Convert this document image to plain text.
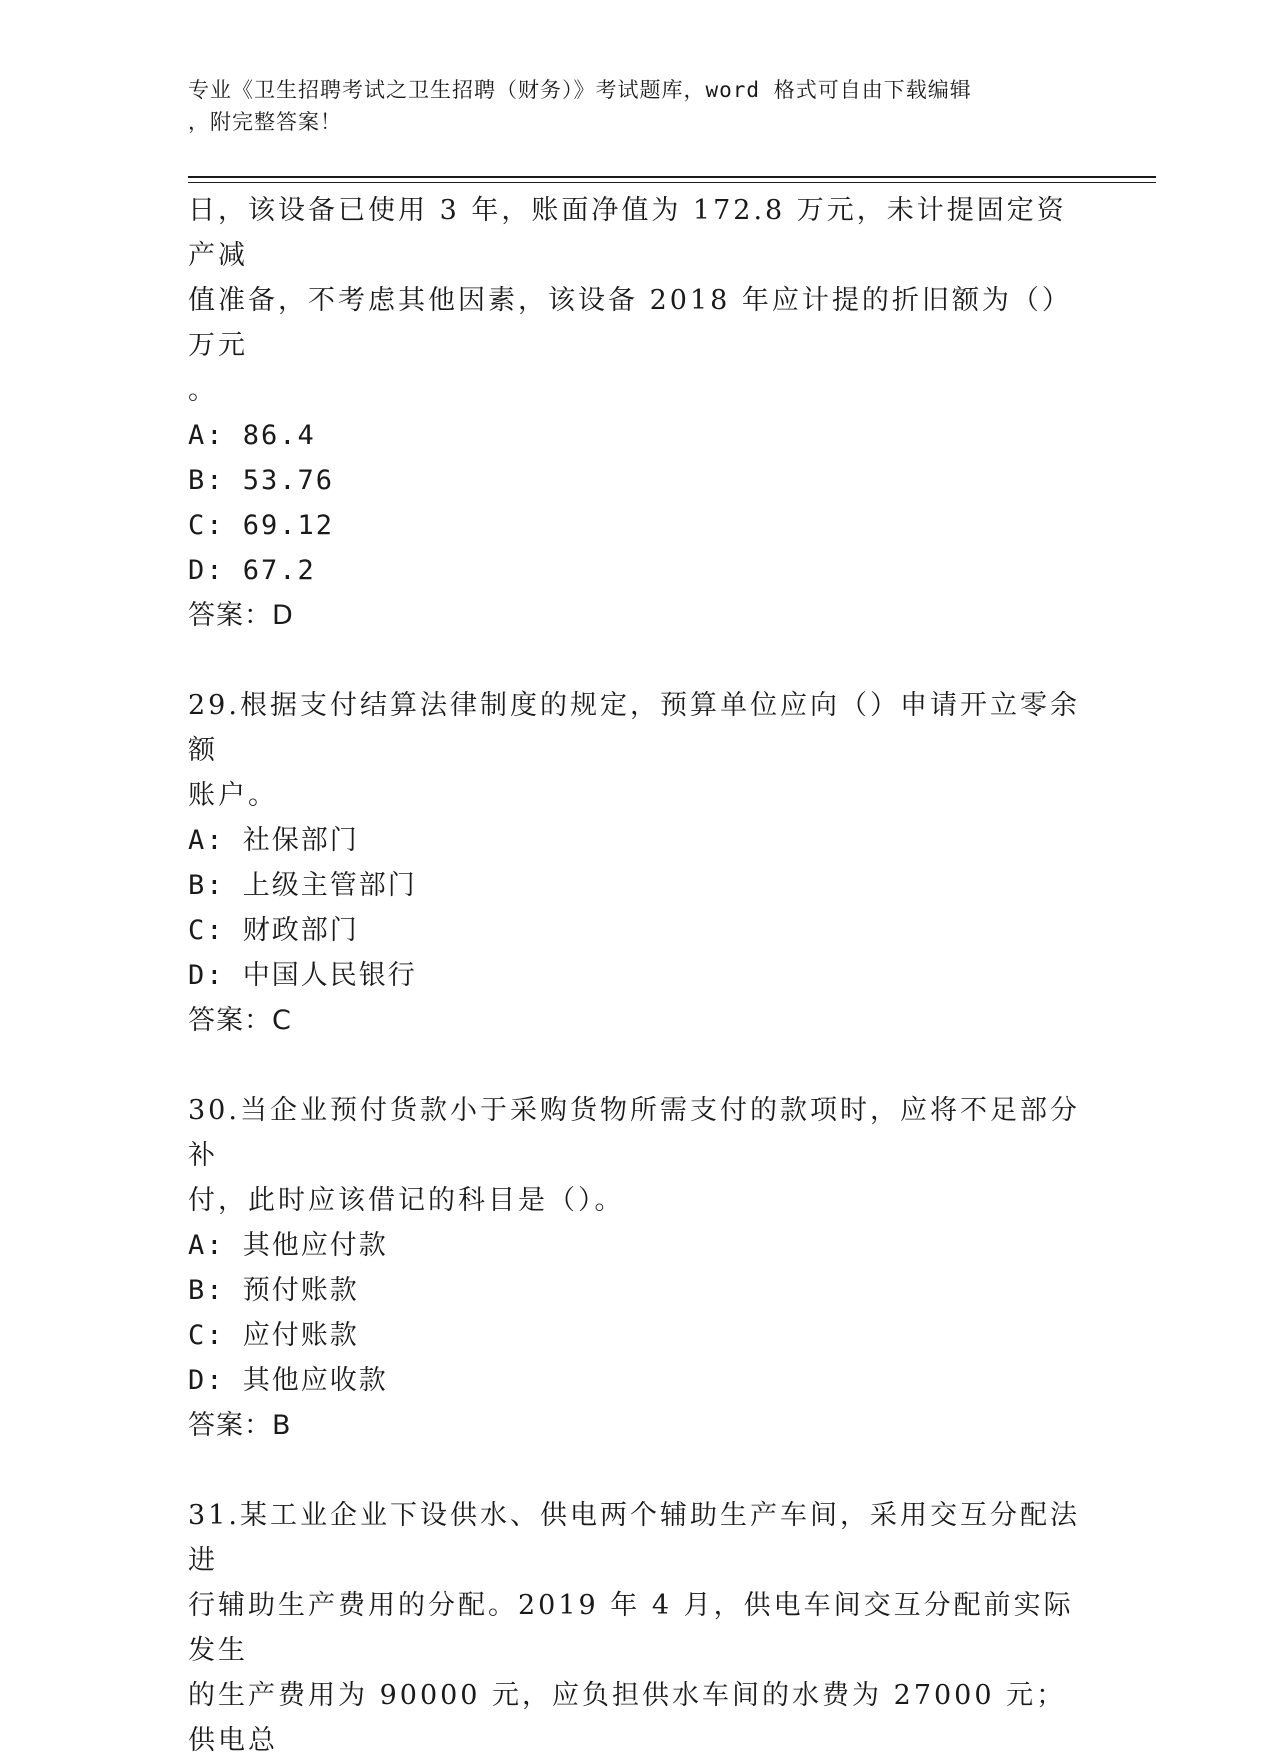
专业《卫生招聘考试之卫生招聘（财务）》考试题库，word 格式可自由下载编辑
，附完整答案！

日，该设备已使用 3 年，账面净值为 172.8 万元，未计提固定资产减

值准备，不考虑其他因素，该设备 2018 年应计提的折旧额为（）万元

。

A: 86.4

B: 53.76

C: 69.12

D: 67.2

答案：D

29.根据支付结算法律制度的规定，预算单位应向（）申请开立零余额

账户。

A: 社保部门

B: 上级主管部门

C: 财政部门

D: 中国人民银行

答案：C

30.当企业预付货款小于采购货物所需支付的款项时，应将不足部分补

付，此时应该借记的科目是（）。

A: 其他应付款

B: 预付账款

C: 应付账款

D: 其他应收款

答案：B

31.某工业企业下设供水、供电两个辅助生产车间，采用交互分配法进

行辅助生产费用的分配。2019 年 4 月，供电车间交互分配前实际发生

的生产费用为 90000 元，应负担供水车间的水费为 27000 元；供电总
